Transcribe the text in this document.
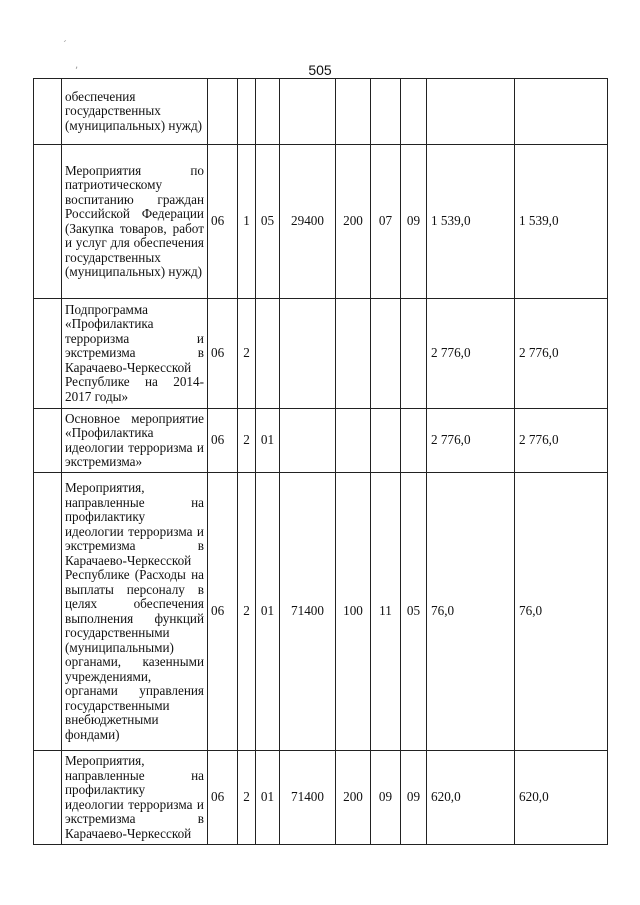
´
,	505
	обеспечения государственных (муниципальных) нужд)									
	Мероприятия по патриотическому воспитанию граждан Российской Федерации (Закупка товаров, работ и услуг для обеспечения государственных (муниципальных) нужд)	06	1	05	29400	200	07	09	1 539,0	1 539,0
	Подпрограмма «Профилактика терроризма и экстремизма в Карачаево-Черкесской Республике на 2014-2017 годы»	06	2						2 776,0	2 776,0
	Основное мероприятие «Профилактика идеологии терроризма и экстремизма»	06	2	01					2 776,0	2 776,0
	Мероприятия, направленные на профилактику идеологии терроризма и экстремизма в Карачаево-Черкесской Республике (Расходы на выплаты персоналу в целях обеспечения выполнения функций государственными (муниципальными) органами, казенными учреждениями, органами управления государственными внебюджетными фондами)	06	2	01	71400	100	11	05	76,0	76,0
	Мероприятия, направленные на профилактику идеологии терроризма и экстремизма в Карачаево-Черкесской	06	2	01	71400	200	09	09	620,0	620,0
